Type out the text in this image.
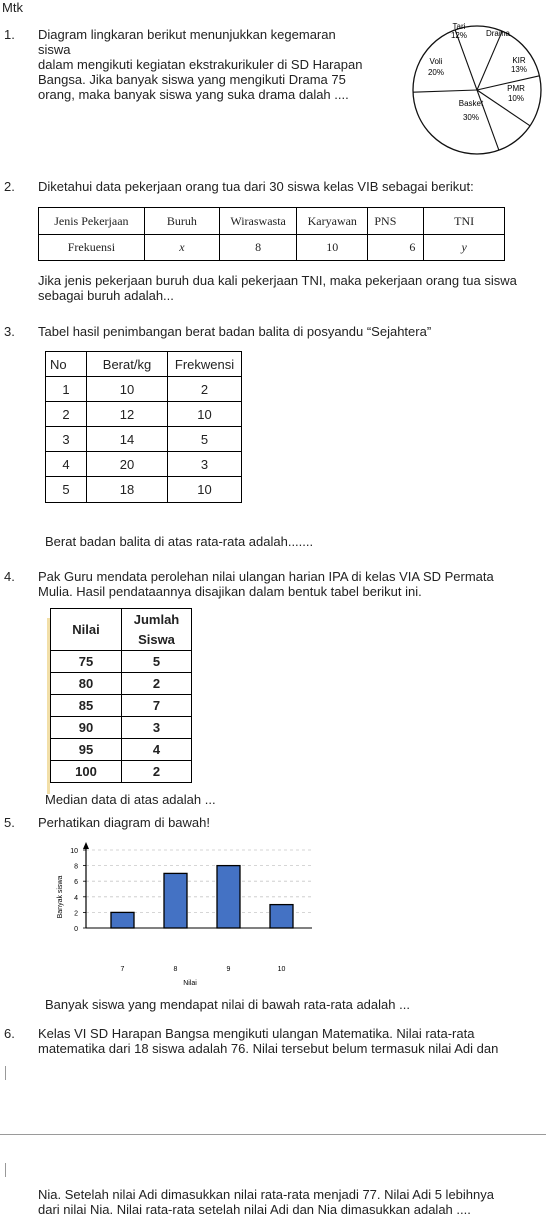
Mtk
1. Diagram lingkaran berikut menunjukkan kegemaran
siswa
dalam mengikuti kegiatan ekstrakurikuler di SD Harapan
Bangsa. Jika banyak siswa yang mengikuti Drama 75
orang, maka banyak siswa yang suka drama dalah ....
Tari
12% Drama
KIR
13%
PMR
10%
Basket
30%
Voli
20%
2. Diketahui data pekerjaan orang tua dari 30 siswa kelas VIB sebagai berikut:
Jenis Pekerjaan	Buruh	Wiraswasta	Karyawan	PNS	TNI
Frekuensi	x	8	10	6	y
Jika jenis pekerjaan buruh dua kali pekerjaan TNI, maka pekerjaan orang tua siswa
sebagai buruh adalah...
3. Tabel hasil penimbangan berat badan balita di posyandu “Sejahtera”
No	Berat/kg	Frekwensi
1	10	2
2	12	10
3	14	5
4	20	3
5	18	10
Berat badan balita di atas rata-rata adalah.......
4. Pak Guru mendata perolehan nilai ulangan harian IPA di kelas VIA SD Permata
Mulia. Hasil pendataannya disajikan dalam bentuk tabel berikut ini.
Nilai	Jumlah Siswa
75	5
80	2
85	7
90	3
95	4
100	2
Median data di atas adalah ...
5. Perhatikan diagram di bawah!
0
2
4
6
8
10
7	8	9	10
Banyak siswa
Nilai
Banyak siswa yang mendapat nilai di bawah rata-rata adalah ...
6. Kelas VI SD Harapan Bangsa mengikuti ulangan Matematika. Nilai rata-rata
matematika dari 18 siswa adalah 76. Nilai tersebut belum termasuk nilai Adi dan
Nia. Setelah nilai Adi dimasukkan nilai rata-rata menjadi 77. Nilai Adi 5 lebihnya
dari nilai Nia. Nilai rata-rata setelah nilai Adi dan Nia dimasukkan adalah ....
